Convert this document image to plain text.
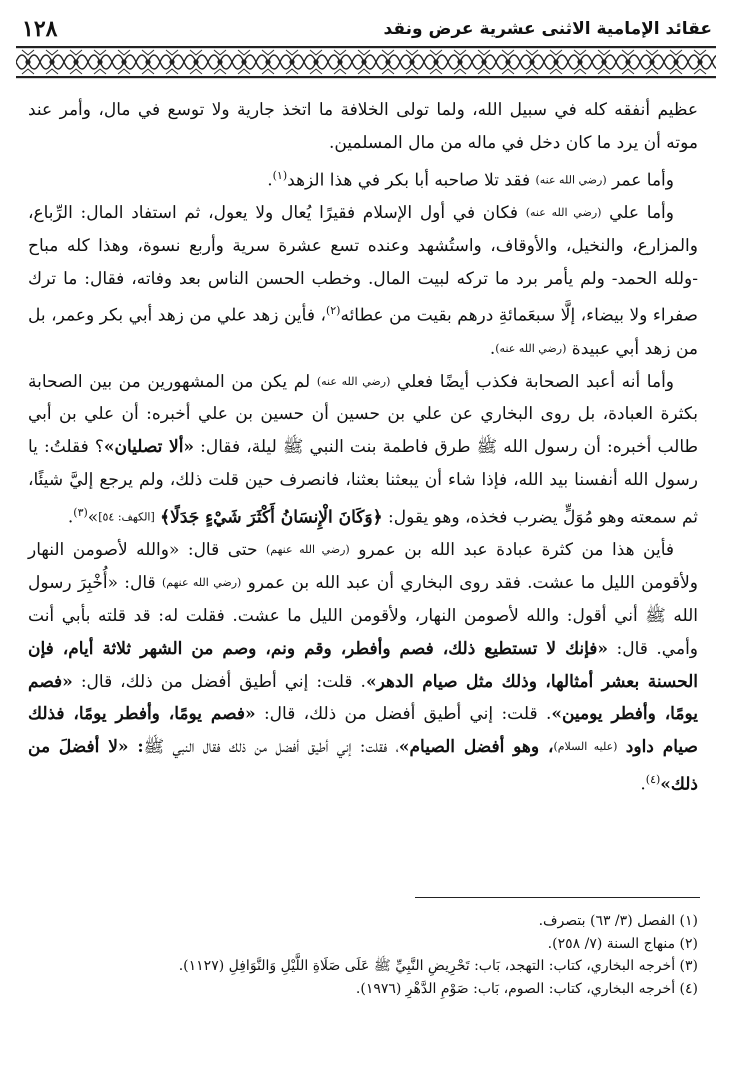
١٢٨	عقائد الإمامية الاثنى عشرية عرض ونقد

عظيم أنفقه كله في سبيل الله، ولما تولى الخلافة ما اتخذ جارية ولا توسع في مال، وأمر عند موته أن يرد ما كان دخل في ماله من مال المسلمين.

وأما عمر (رضي الله عنه) فقد تلا صاحبه أبا بكر في هذا الزهد$^{(١)}$.

وأما علي (رضي الله عنه) فكان في أول الإسلام فقيرًا يُعال ولا يعول، ثم استفاد المال: الرِّباع، والمزارع، والنخيل، والأوقاف، واستُشهد وعنده تسع عشرة سرية وأربع نسوة، وهذا كله مباح -ولله الحمد- ولم يأمر برد ما تركه لبيت المال. وخطب الحسن الناس بعد وفاته، فقال: ما ترك صفراء ولا بيضاء، إلَّا سبعَمائةِ درهم بقيت من عطائه$^{(٢)}$، فأين زهد علي من زهد أبي بكر وعمر، بل من زهد أبي عبيدة (رضي الله عنه).

وأما أنه أعبد الصحابة فكذب أيضًا فعلي (رضي الله عنه) لم يكن من المشهورين من بين الصحابة بكثرة العبادة، بل روى البخاري عن علي بن حسين أن حسين بن علي أخبره: أن علي بن أبي طالب أخبره: أن رسول الله ﷺ طرق فاطمة بنت النبي ﷺ ليلة، فقال: «ألا تصليان»؟ فقلتُ: يا رسول الله أنفسنا بيد الله، فإذا شاء أن يبعثنا بعثنا، فانصرف حين قلت ذلك، ولم يرجع إليَّ شيئًا، ثم سمعته وهو مُوَلٍّ يضرب فخذه، وهو يقول: ﴿وَكَانَ الْإِنسَانُ أَكْثَرَ شَيْءٍ جَدَلًا﴾ [الكهف: ٥٤]»$^{(٣)}$.

فأين هذا من كثرة عبادة عبد الله بن عمرو (رضي الله عنهم) حتى قال: «والله لأصومن النهار ولأقومن الليل ما عشت. فقد روى البخاري أن عبد الله بن عمرو (رضي الله عنهم) قال: «أُخْبِرَ رسول الله ﷺ أني أقول: والله لأصومن النهار، ولأقومن الليل ما عشت. فقلت له: قد قلته بأبي أنت وأمي. قال: «فإنك لا تستطيع ذلك، فصم وأفطر، وقم ونم، وصم من الشهر ثلاثة أيام، فإن الحسنة بعشر أمثالها، وذلك مثل صيام الدهر». قلت: إني أطيق أفضل من ذلك، قال: «فصم يومًا، وأفطر يومين». قلت: إني أطيق أفضل من ذلك، قال: «فصم يومًا، وأفطر يومًا، فذلك صيام داود (عليه السلام)، وهو أفضل الصيام»، فقلت: إني أطيق أفضل من ذلك فقال النبي ﷺ: «لا أفضلَ من ذلك»$^{(٤)}$.

(١) الفصل (٣/ ٦٣) بتصرف.
(٢) منهاج السنة (٧/ ٢٥٨).
(٣) أخرجه البخاري، كتاب: التهجد، بَاب: تَحْرِيضِ النَّبِيِّ ﷺ عَلَى صَلَاةِ اللَّيْلِ وَالنَّوَافِلِ (١١٢٧).
(٤) أخرجه البخاري، كتاب: الصوم، بَاب: صَوْمِ الدَّهْرِ (١٩٧٦).
